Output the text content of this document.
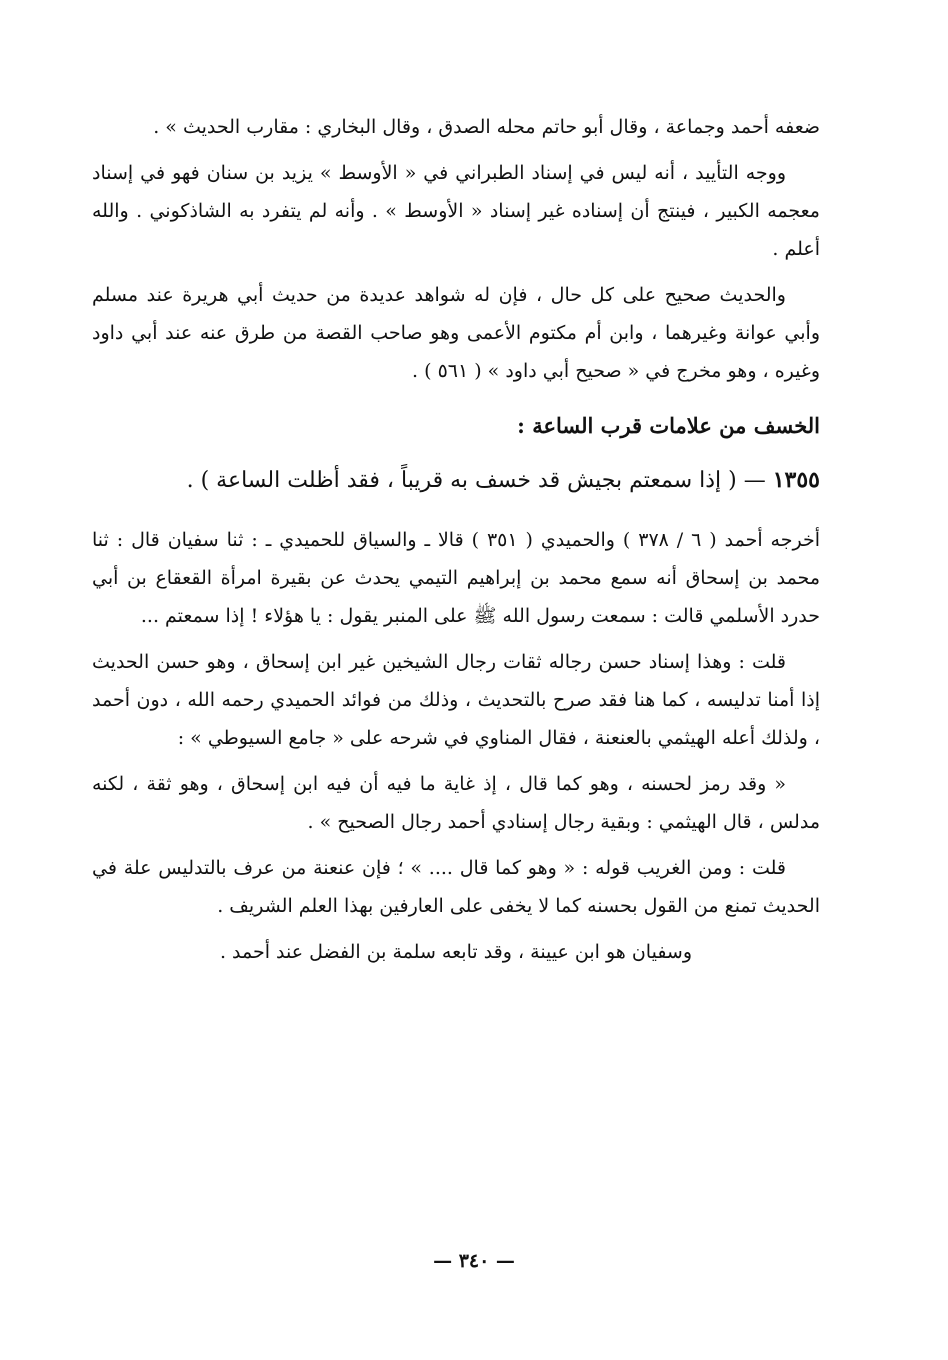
ضعفه أحمد وجماعة ، وقال أبو حاتم محله الصدق ، وقال البخاري : مقارب الحديث » .

ووجه التأييد ، أنه ليس في إسناد الطبراني في « الأوسط » يزيد بن سنان فهو في إسناد معجمه الكبير ، فينتج أن إسناده غير إسناد « الأوسط » . وأنه لم يتفرد به الشاذكوني . والله أعلم .

والحديث صحيح على كل حال ، فإن له شواهد عديدة من حديث أبي هريرة عند مسلم وأبي عوانة وغيرهما ، وابن أم مكتوم الأعمى وهو صاحب القصة من طرق عنه عند أبي داود وغيره ، وهو مخرج في « صحيح أبي داود » ( ٥٦١ ) .

الخسف من علامات قرب الساعة :

١٣٥٥ — ( إذا سمعتم بجيش قد خسف به قريباً ، فقد أظلت الساعة ) .

أخرجه أحمد ( ٦ / ٣٧٨ ) والحميدي ( ٣٥١ ) قالا ـ والسياق للحميدي ـ : ثنا سفيان قال : ثنا محمد بن إسحاق أنه سمع محمد بن إبراهيم التيمي يحدث عن بقيرة امرأة القعقاع بن أبي حدرد الأسلمي قالت : سمعت رسول الله ﷺ على المنبر يقول : يا هؤلاء ! إذا سمعتم ...

قلت : وهذا إسناد حسن رجاله ثقات رجال الشيخين غير ابن إسحاق ، وهو حسن الحديث إذا أمنا تدليسه ، كما هنا فقد صرح بالتحديث ، وذلك من فوائد الحميدي رحمه الله ، دون أحمد ، ولذلك أعله الهيثمي بالعنعنة ، فقال المناوي في شرحه على « جامع السيوطي » :

« وقد رمز لحسنه ، وهو كما قال ، إذ غاية ما فيه أن فيه ابن إسحاق ، وهو ثقة ، لكنه مدلس ، قال الهيثمي : وبقية رجال إسنادي أحمد رجال الصحيح » .

قلت : ومن الغريب قوله : « وهو كما قال .... » ؛ فإن عنعنة من عرف بالتدليس علة في الحديث تمنع من القول بحسنه كما لا يخفى على العارفين بهذا العلم الشريف .

وسفيان هو ابن عيينة ، وقد تابعه سلمة بن الفضل عند أحمد .

— ٣٤٠ —
